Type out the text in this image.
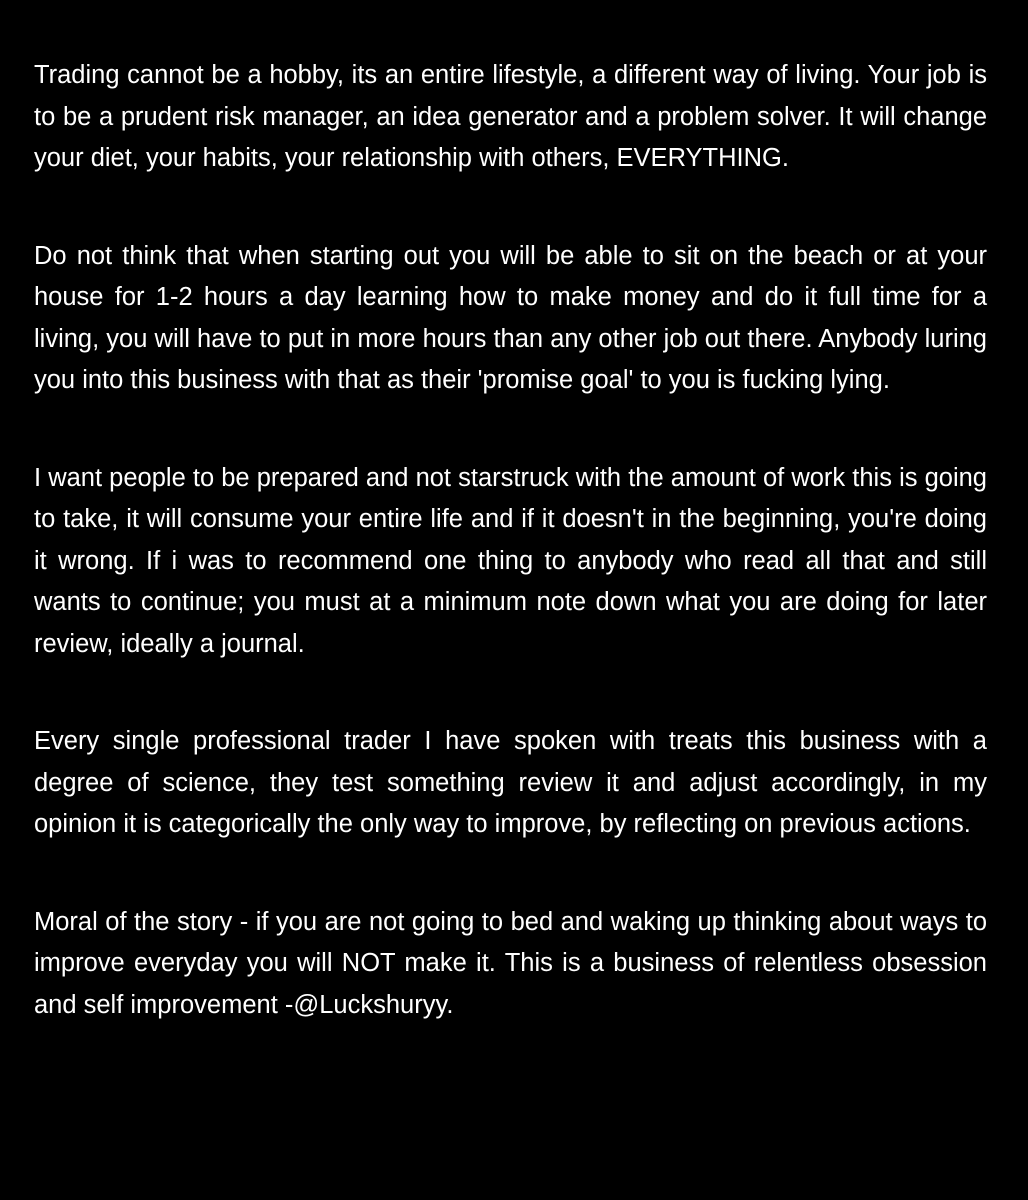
Trading cannot be a hobby, its an entire lifestyle, a different way of living. Your job is to be a prudent risk manager, an idea generator and a problem solver. It will change your diet, your habits, your relationship with others, EVERYTHING.

Do not think that when starting out you will be able to sit on the beach or at your house for 1-2 hours a day learning how to make money and do it full time for a living, you will have to put in more hours than any other job out there. Anybody luring you into this business with that as their 'promise goal' to you is fucking lying.

I want people to be prepared and not starstruck with the amount of work this is going to take, it will consume your entire life and if it doesn't in the beginning, you're doing it wrong. If i was to recommend one thing to anybody who read all that and still wants to continue; you must at a minimum note down what you are doing for later review, ideally a journal.

Every single professional trader I have spoken with treats this business with a degree of science, they test something review it and adjust accordingly, in my opinion it is categorically the only way to improve, by reflecting on previous actions.

Moral of the story - if you are not going to bed and waking up thinking about ways to improve everyday you will NOT make it. This is a business of relentless obsession and self improvement -@Luckshuryy.
